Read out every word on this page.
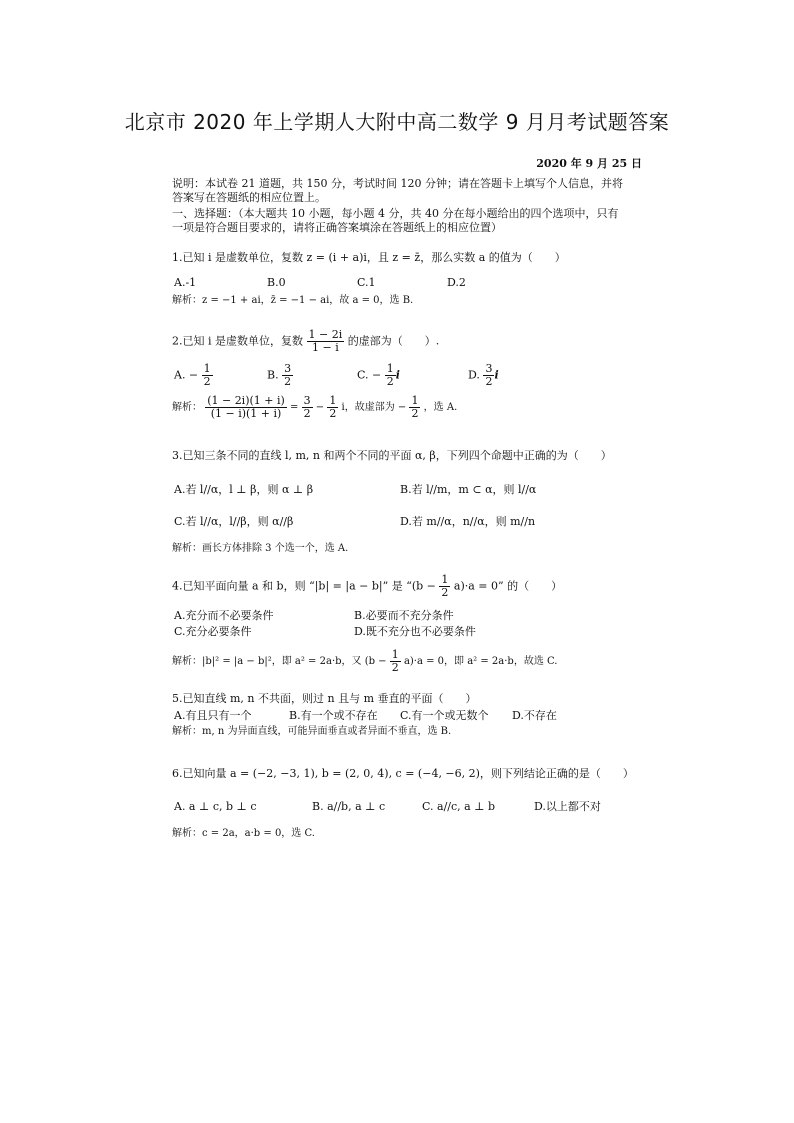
北京市 2020 年上学期人大附中高二数学 9 月月考试题答案
2020 年 9 月 25 日
说明：本试卷 21 道题，共 150 分，考试时间 120 分钟；请在答题卡上填写个人信息，并将
答案写在答题纸的相应位置上。
一、选择题：（本大题共 10 小题，每小题 4 分，共 40 分在每小题给出的四个选项中，只有
一项是符合题目要求的，请将正确答案填涂在答题纸上的相应位置）
1.已知 i 是虚数单位，复数 z = (i + a)i，且 z = z̄，那么实数 a 的值为（　　）
A.-1	B.0	C.1	D.2
解析：z = −1 + ai，z̄ = −1 − ai，故 a = 0，选 B.
2.已知 i 是虚数单位，复数 $\frac{1 - 2i}{1 - i}$ 的虚部为（　　）.
A. − $\frac{1}{2}$	B. $\frac{3}{2}$	C. − $\frac{1}{2}$ i	D. $\frac{3}{2}$ i
解析： $\frac{(1 - 2i)(1 + i)}{(1 - i)(1 + i)} = \frac{3}{2} - \frac{1}{2}$ i，故虚部为 − $\frac{1}{2}$ ，选 A.
3.已知三条不同的直线 l, m, n 和两个不同的平面 α, β，下列四个命题中正确的为（　　）
A.若 l//α，l ⊥ β，则 α ⊥ β	B.若 l//m，m ⊂ α，则 l//α
C.若 l//α，l//β，则 α//β	D.若 m//α，n//α，则 m//n
解析：画长方体排除 3 个选一个，选 A.
4.已知平面向量 a 和 b，则 “|b| = |a − b|” 是 “$(b - \frac{1}{2} a)\cdot a = 0$” 的（　　）
A.充分而不必要条件	B.必要而不充分条件
C.充分必要条件	D.既不充分也不必要条件
解析：|b|² = |a − b|²，即 a² = 2a·b，又 $(b - \frac{1}{2} a)\cdot a = 0$，即 a² = 2a·b，故选 C.
5.已知直线 m, n 不共面，则过 n 且与 m 垂直的平面（　　）
A.有且只有一个	B.有一个或不存在 C.有一个或无数个 D.不存在
解析：m, n 为异面直线，可能异面垂直或者异面不垂直，选 B.
6.已知向量 a = (−2, −3, 1), b = (2, 0, 4), c = (−4, −6, 2)，则下列结论正确的是（　　）
A. a ⊥ c, b ⊥ c	B. a//b, a ⊥ c	C. a//c, a ⊥ b	D.以上都不对
解析：c = 2a，a·b = 0，选 C.
